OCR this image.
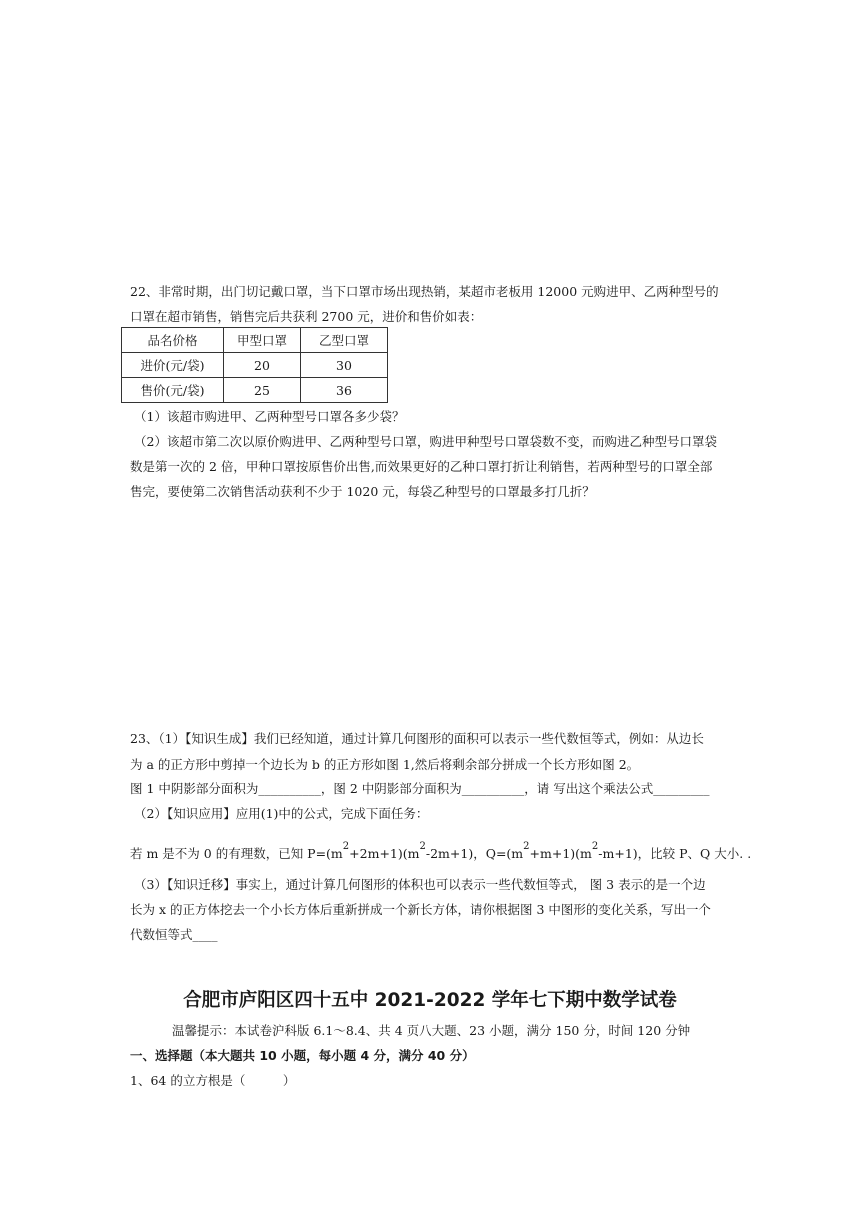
22、非常时期，出门切记戴口罩，当下口罩市场出现热销，某超市老板用 12000 元购进甲、乙两种型号的
口罩在超市销售，销售完后共获利 2700 元，进价和售价如表：
品名价格	甲型口罩	乙型口罩
进价(元/袋)	20	30
售价(元/袋)	25	36
（1）该超市购进甲、乙两种型号口罩各多少袋？
（2）该超市第二次以原价购进甲、乙两种型号口罩，购进甲种型号口罩袋数不变，而购进乙种型号口罩袋
数是第一次的 2 倍，甲种口罩按原售价出售,而效果更好的乙种口罩打折让利销售，若两种型号的口罩全部
售完，要使第二次销售活动获利不少于 1020 元，每袋乙种型号的口罩最多打几折？
23、（1）【知识生成】我们已经知道，通过计算几何图形的面积可以表示一些代数恒等式，例如：从边长
为 a 的正方形中剪掉一个边长为 b 的正方形如图 1,然后将剩余部分拼成一个长方形如图 2。
图 1 中阴影部分面积为__________，图 2 中阴影部分面积为__________，请 写出这个乘法公式_________
（2）【知识应用】应用(1)中的公式，完成下面任务：
若 m 是不为 0 的有理数，已知 $P=(m^2+2m+1)(m^2-2m+1)$，$Q=(m^2+m+1)(m^2-m+1)$，比较 P、Q 大小. .
（3）【知识迁移】事实上，通过计算几何图形的体积也可以表示一些代数恒等式， 图 3 表示的是一个边
长为 x 的正方体挖去一个小长方体后重新拼成一个新长方体，请你根据图 3 中图形的变化关系，写出一个
代数恒等式____
合肥市庐阳区四十五中 2021-2022 学年七下期中数学试卷
温馨提示：本试卷沪科版 6.1～8.4、共 4 页八大题、23 小题，满分 150 分，时间 120 分钟
一、选择题（本大题共 10 小题，每小题 4 分，满分 40 分）
1、64 的立方根是（　　　）
